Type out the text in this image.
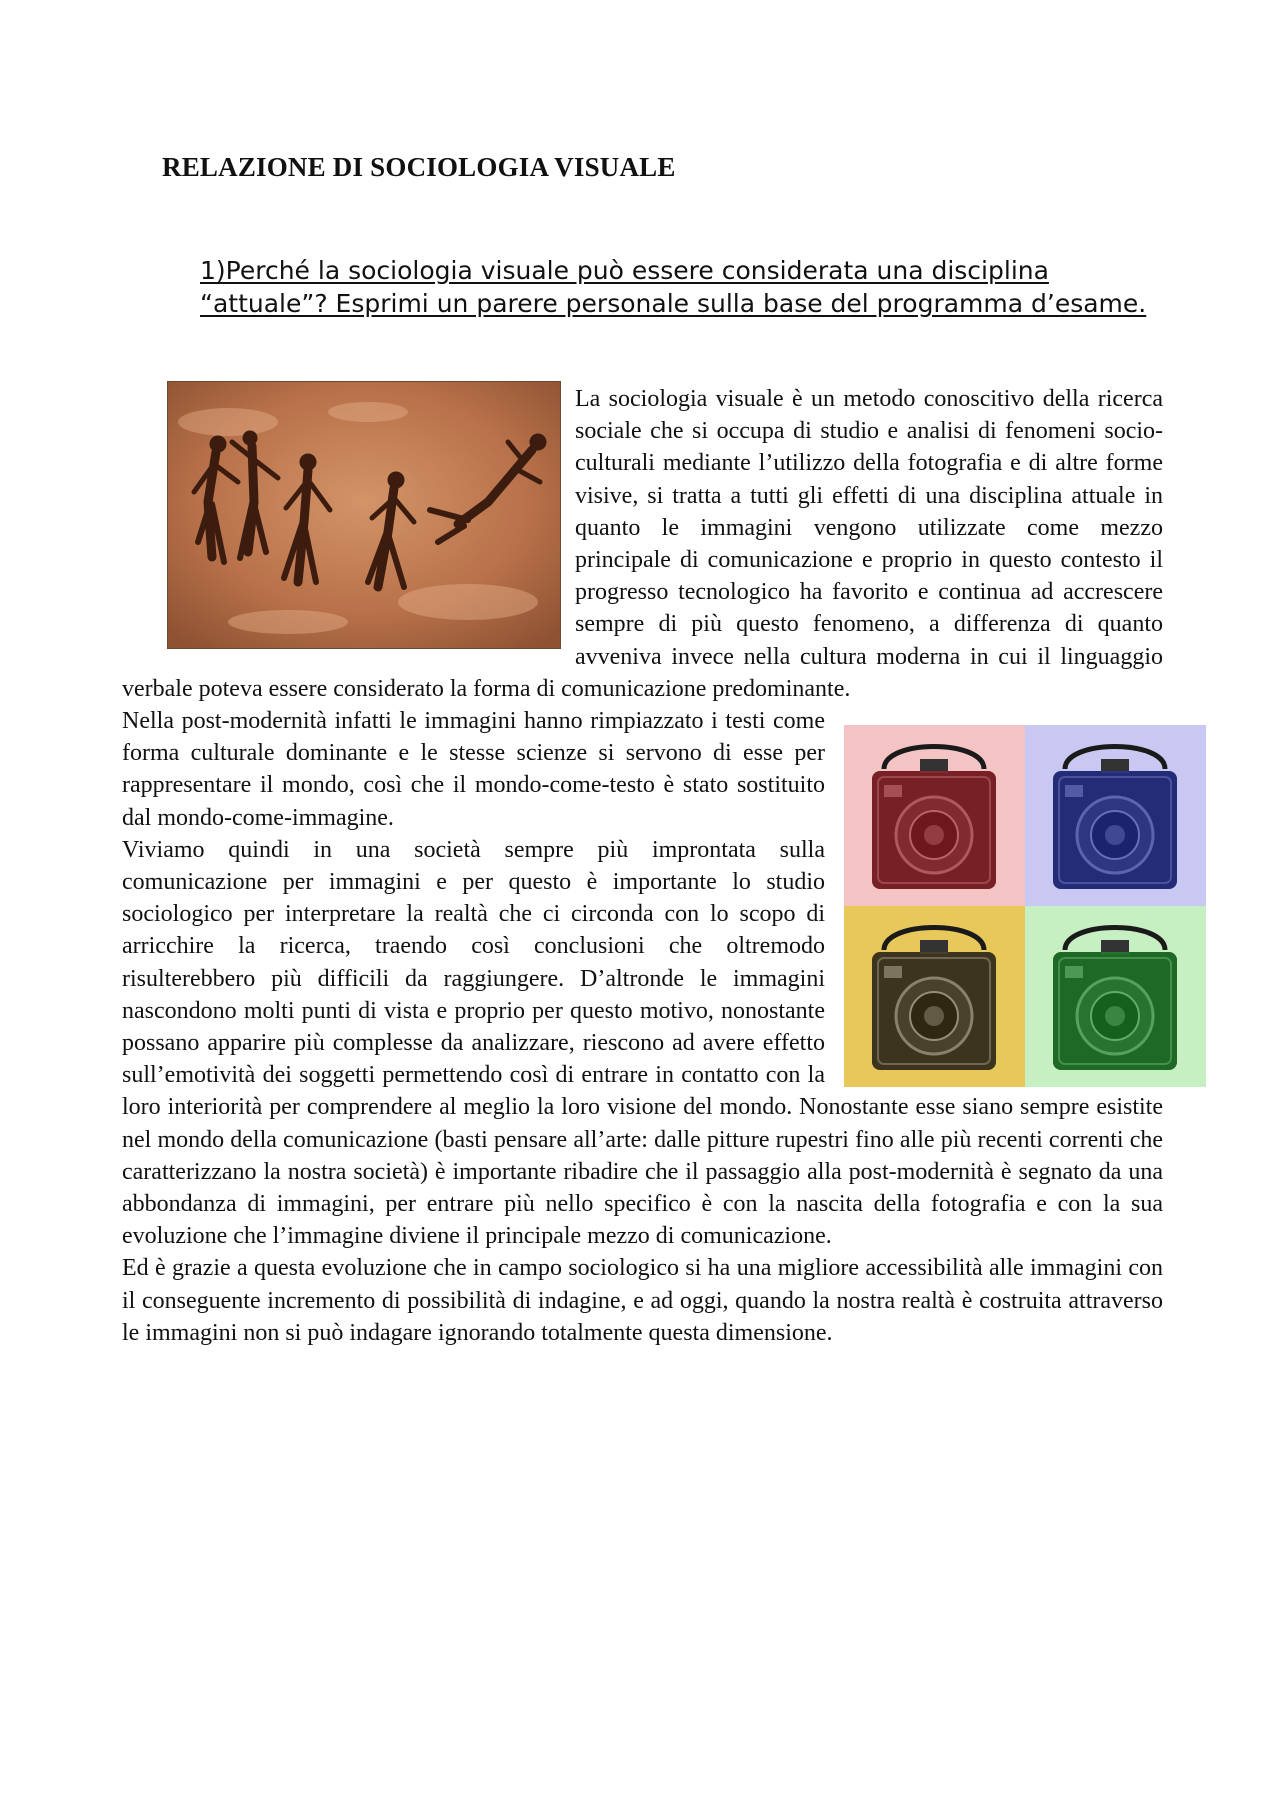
RELAZIONE DI SOCIOLOGIA VISUALE

1)Perché la sociologia visuale può essere considerata una disciplina “attuale”? Esprimi un parere personale sulla base del programma d’esame.

La sociologia visuale è un metodo conoscitivo della ricerca sociale che si occupa di studio e analisi di fenomeni socio-culturali mediante l’utilizzo della fotografia e di altre forme visive, si tratta a tutti gli effetti di una disciplina attuale in quanto le immagini vengono utilizzate come mezzo principale di comunicazione e proprio in questo contesto il progresso tecnologico ha favorito e continua ad accrescere sempre di più questo fenomeno, a differenza di quanto avveniva invece nella cultura moderna in cui il linguaggio verbale poteva essere considerato la forma di comunicazione predominante.

Nella post-modernità infatti le immagini hanno rimpiazzato i testi come forma culturale dominante e le stesse scienze si servono di esse per rappresentare il mondo, così che il mondo-come-testo è stato sostituito dal mondo-come-immagine.

Viviamo quindi in una società sempre più improntata sulla comunicazione per immagini e per questo è importante lo studio sociologico per interpretare la realtà che ci circonda con lo scopo di arricchire la ricerca, traendo così conclusioni che oltremodo risulterebbero più difficili da raggiungere. D’altronde le immagini nascondono molti punti di vista e proprio per questo motivo, nonostante possano apparire più complesse da analizzare, riescono ad avere effetto sull’emotività dei soggetti permettendo così di entrare in contatto con la loro interiorità per comprendere al meglio la loro visione del mondo. Nonostante esse siano sempre esistite nel mondo della comunicazione (basti pensare all’arte: dalle pitture rupestri fino alle più recenti correnti che caratterizzano la nostra società) è importante ribadire che il passaggio alla post-modernità è segnato da una abbondanza di immagini, per entrare più nello specifico è con la nascita della fotografia e con la sua evoluzione che l’immagine diviene il principale mezzo di comunicazione.

Ed è grazie a questa evoluzione che in campo sociologico si ha una migliore accessibilità alle immagini con il conseguente incremento di possibilità di indagine, e ad oggi, quando la nostra realtà è costruita attraverso le immagini non si può indagare ignorando totalmente questa dimensione.
